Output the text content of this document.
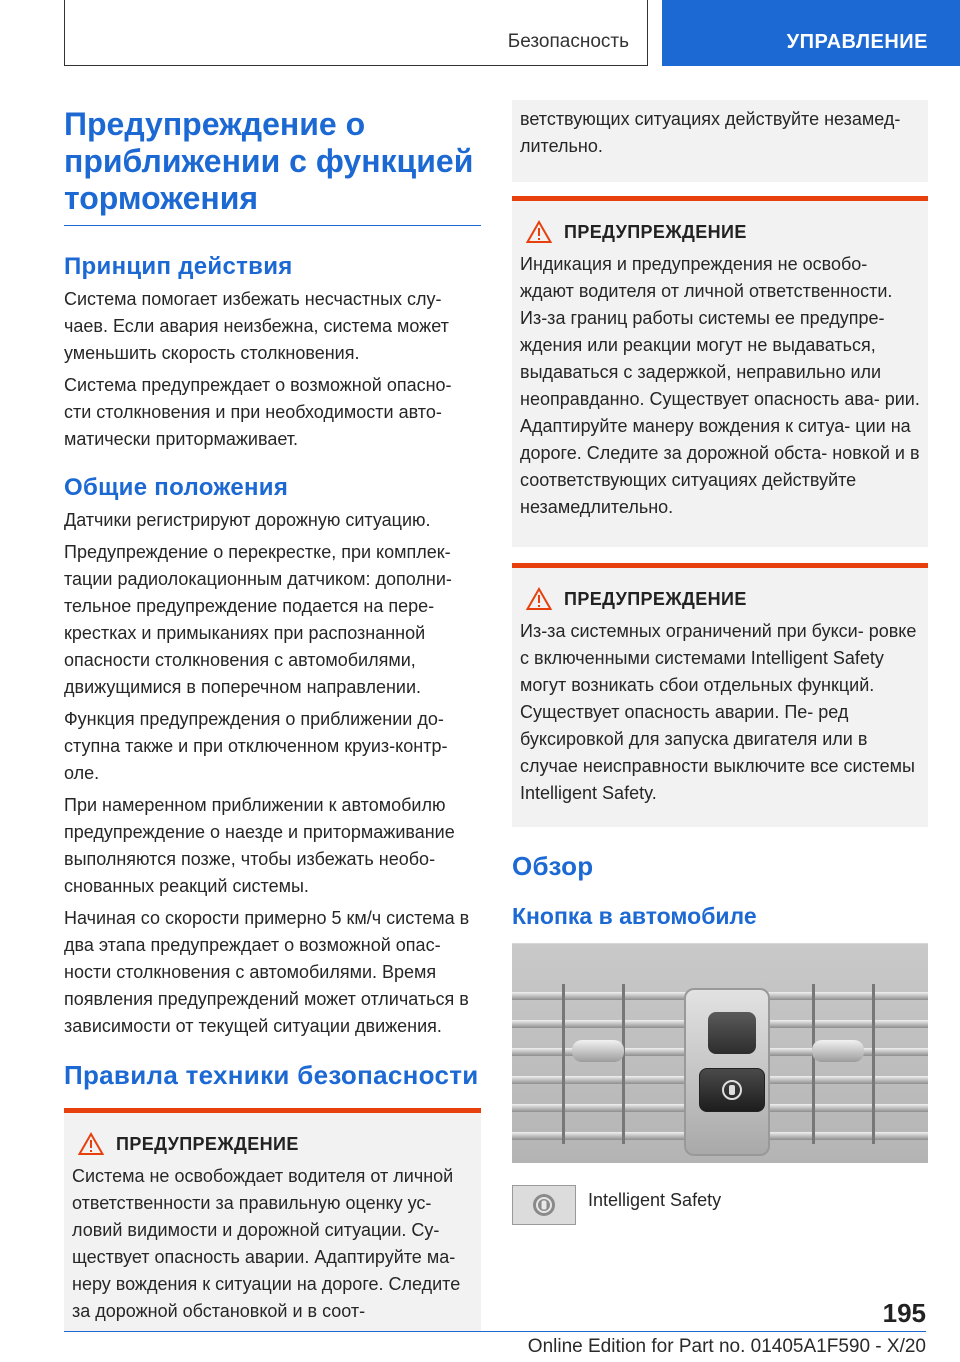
Безопасность	УПРАВЛЕНИЕ
Предупреждение о приближении с функцией торможения
Принцип действия

Система помогает избежать несчастных слу- чаев. Если авария неизбежна, система может уменьшить скорость столкновения.

Система предупреждает о возможной опасно- сти столкновения и при необходимости авто- матически притормаживает.

Общие положения

Датчики регистрируют дорожную ситуацию.

Предупреждение о перекрестке, при комплек- тации радиолокационным датчиком: дополни- тельное предупреждение подается на пере- крестках и примыканиях при распознанной опасности столкновения с автомобилями, движущимися в поперечном направлении.

Функция предупреждения о приближении до- ступна также и при отключенном круиз-контр- оле.

При намеренном приближении к автомобилю предупреждение о наезде и притормаживание выполняются позже, чтобы избежать необо- снованных реакций системы.

Начиная со скорости примерно 5 км/ч система в два этапа предупреждает о возможной опас- ности столкновения с автомобилями. Время появления предупреждений может отличаться в зависимости от текущей ситуации движения.

Правила техники безопасности
ПРЕДУПРЕЖДЕНИЕ

Система не освобождает водителя от личной ответственности за правильную оценку ус- ловий видимости и дорожной ситуации. Су- ществует опасность аварии. Адаптируйте ма- неру вождения к ситуации на дороге. Следите за дорожной обстановкой и в соот-

ветствующих ситуациях действуйте незамед- лительно.

ПРЕДУПРЕЖДЕНИЕ

Индикация и предупреждения не освобо- ждают водителя от личной ответственности. Из-за границ работы системы ее предупре- ждения или реакции могут не выдаваться, выдаваться с задержкой, неправильно или неоправданно. Существует опасность ава- рии. Адаптируйте манеру вождения к ситуа- ции на дороге. Следите за дорожной обста- новкой и в соответствующих ситуациях действуйте незамедлительно.

ПРЕДУПРЕЖДЕНИЕ

Из-за системных ограничений при букси- ровке с включенными системами Intelligent Safety могут возникать сбои отдельных функций. Существует опасность аварии. Пе- ред буксировкой для запуска двигателя или в случае неисправности выключите все системы Intelligent Safety.

Обзор
Кнопка в автомобиле
Intelligent Safety
195
Online Edition for Part no. 01405A1F590 - X/20
